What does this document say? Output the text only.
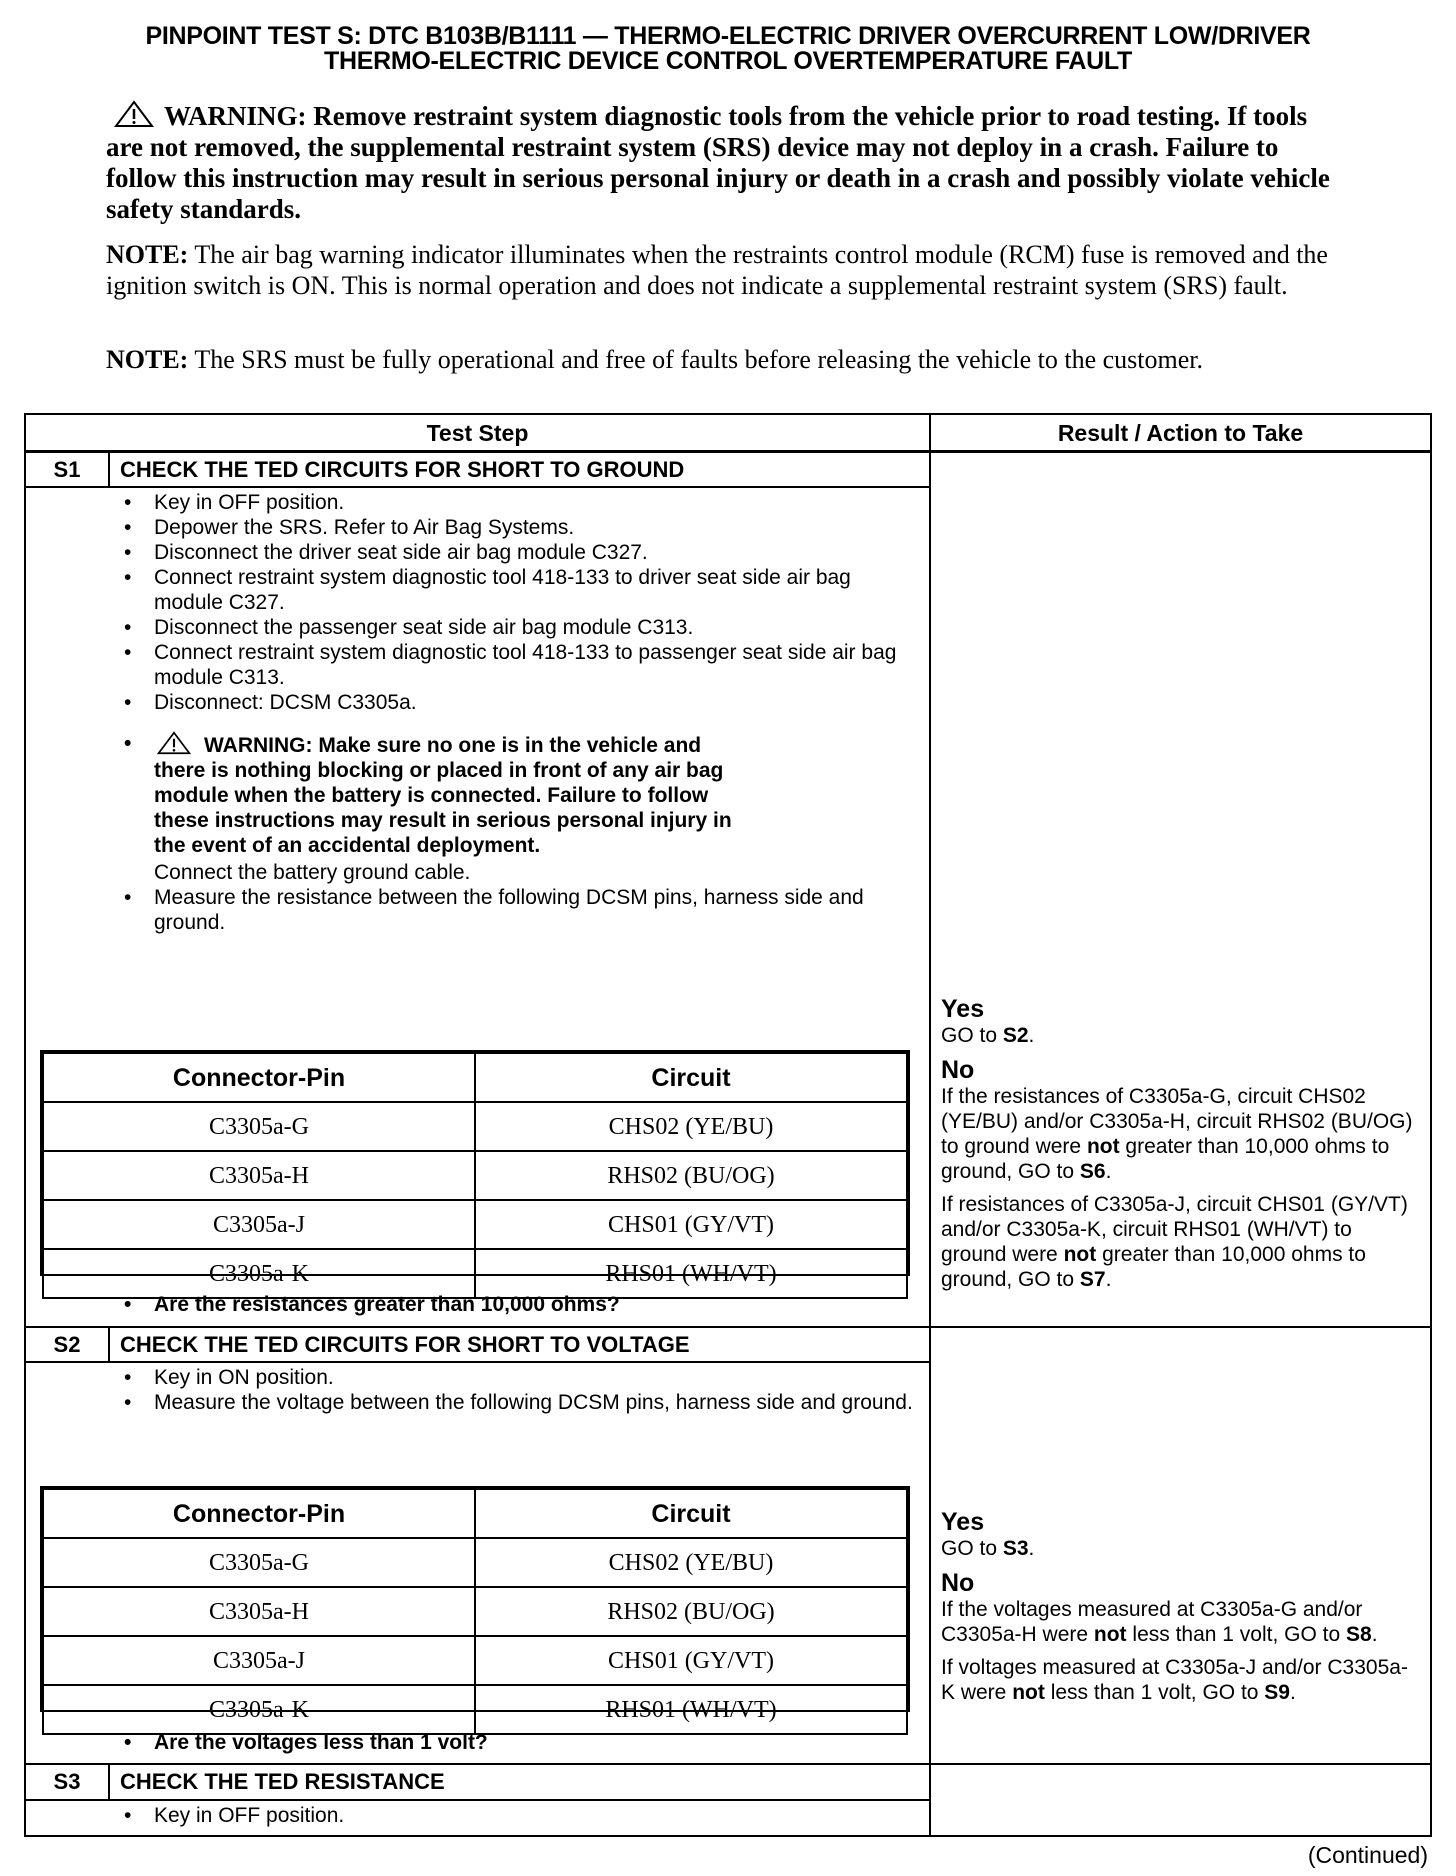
PINPOINT TEST S: DTC B103B/B1111 — THERMO-ELECTRIC DRIVER OVERCURRENT LOW/DRIVER
THERMO-ELECTRIC DEVICE CONTROL OVERTEMPERATURE FAULT
WARNING: Remove restraint system diagnostic tools from the vehicle prior to road testing. If tools are not removed, the supplemental restraint system (SRS) device may not deploy in a crash. Failure to follow this instruction may result in serious personal injury or death in a crash and possibly violate vehicle safety standards.
NOTE: The air bag warning indicator illuminates when the restraints control module (RCM) fuse is removed and the ignition switch is ON. This is normal operation and does not indicate a supplemental restraint system (SRS) fault.
NOTE: The SRS must be fully operational and free of faults before releasing the vehicle to the customer.
Test Step	Result / Action to Take
S1	CHECK THE TED CIRCUITS FOR SHORT TO GROUND
• Key in OFF position.
• Depower the SRS. Refer to Air Bag Systems.
• Disconnect the driver seat side air bag module C327.
• Connect restraint system diagnostic tool 418-133 to driver seat side air bag module C327.
• Disconnect the passenger seat side air bag module C313.
• Connect restraint system diagnostic tool 418-133 to passenger seat side air bag module C313.
• Disconnect: DCSM C3305a.
• WARNING: Make sure no one is in the vehicle and there is nothing blocking or placed in front of any air bag module when the battery is connected. Failure to follow these instructions may result in serious personal injury in the event of an accidental deployment.
Connect the battery ground cable.
• Measure the resistance between the following DCSM pins, harness side and ground.
Connector-Pin	Circuit
C3305a-G	CHS02 (YE/BU)
C3305a-H	RHS02 (BU/OG)
C3305a-J	CHS01 (GY/VT)
C3305a-K	RHS01 (WH/VT)
• Are the resistances greater than 10,000 ohms?
Yes

GO to S2.

No

If the resistances of C3305a-G, circuit CHS02 (YE/BU) and/or C3305a-H, circuit RHS02 (BU/OG) to ground were not greater than 10,000 ohms to ground, GO to S6.

If resistances of C3305a-J, circuit CHS01 (GY/VT) and/or C3305a-K, circuit RHS01 (WH/VT) to ground were not greater than 10,000 ohms to ground, GO to S7.

S2	CHECK THE TED CIRCUITS FOR SHORT TO VOLTAGE
• Key in ON position.
• Measure the voltage between the following DCSM pins, harness side and ground.
Connector-Pin	Circuit
C3305a-G	CHS02 (YE/BU)
C3305a-H	RHS02 (BU/OG)
C3305a-J	CHS01 (GY/VT)
C3305a-K	RHS01 (WH/VT)
• Are the voltages less than 1 volt?
Yes

GO to S3.

No

If the voltages measured at C3305a-G and/or C3305a-H were not less than 1 volt, GO to S8.

If voltages measured at C3305a-J and/or C3305a-K were not less than 1 volt, GO to S9.

S3	CHECK THE TED RESISTANCE
• Key in OFF position.
(Continued)
